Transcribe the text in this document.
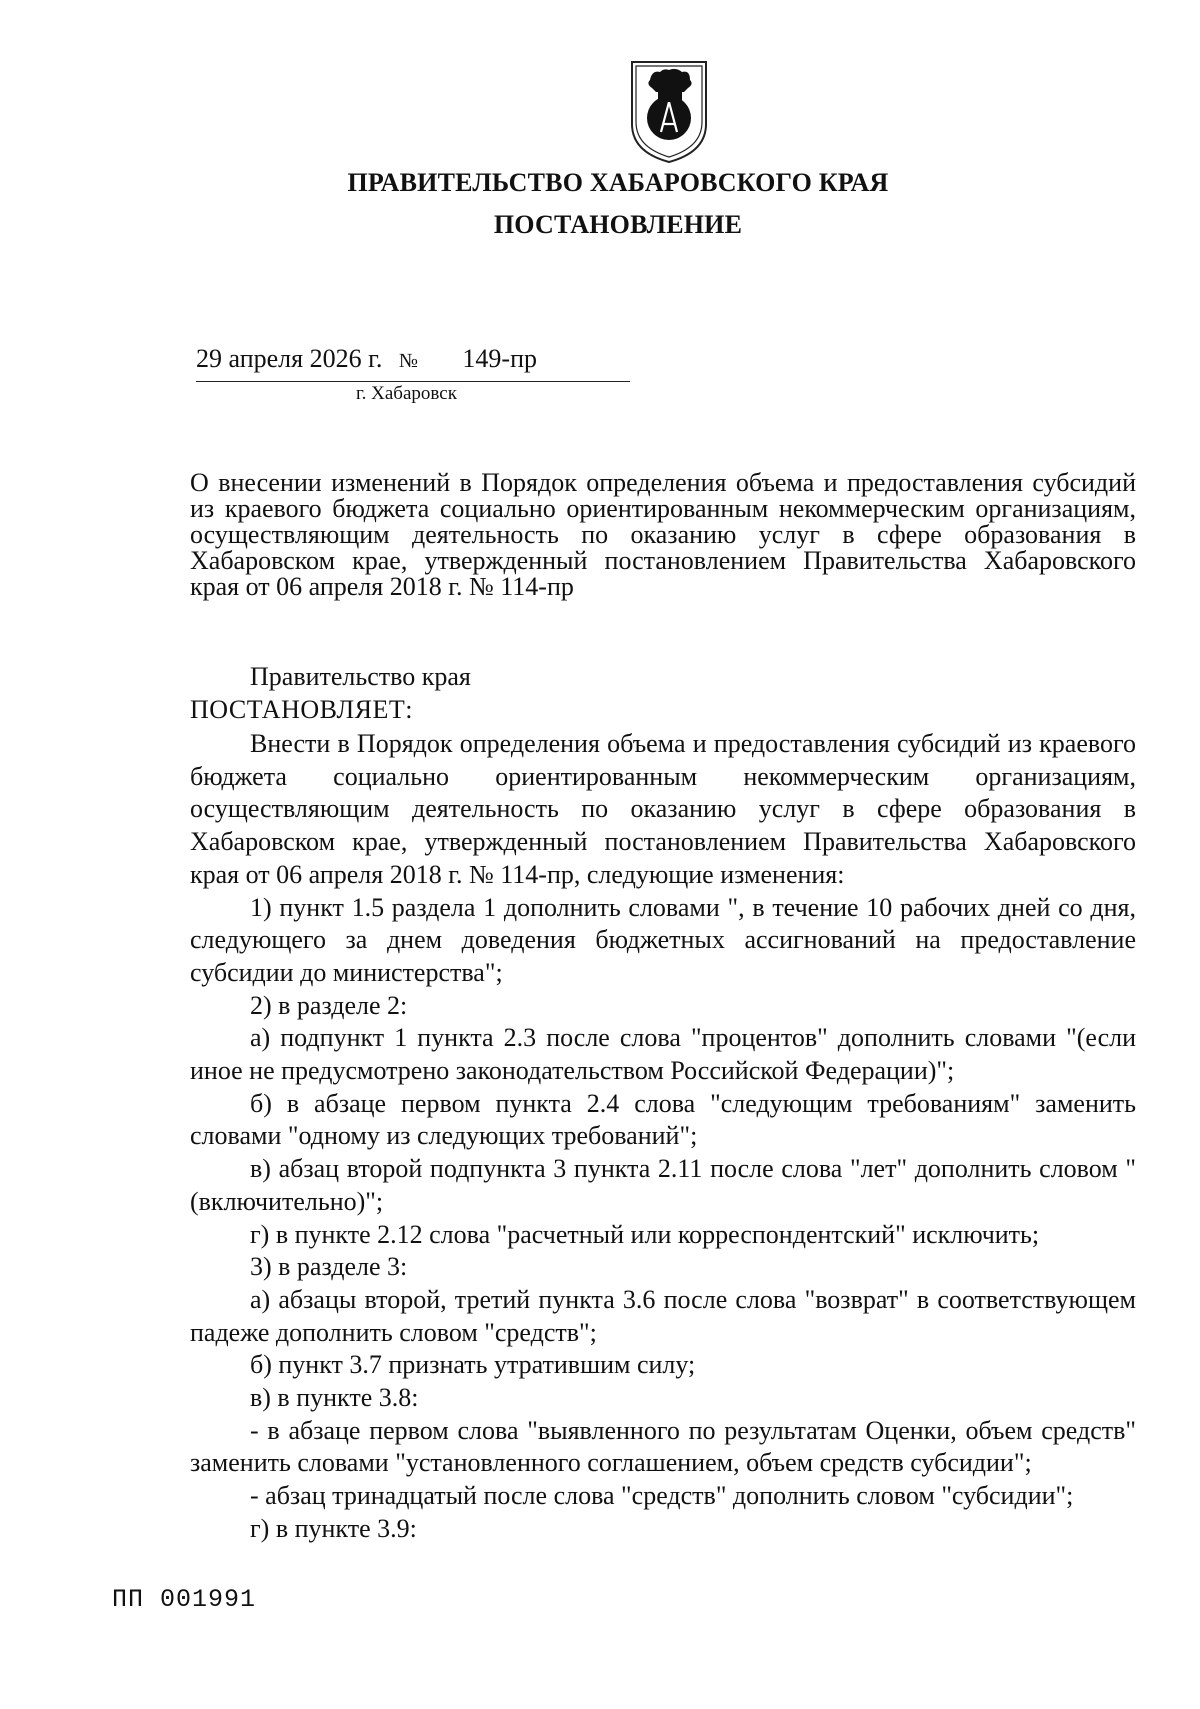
ПРАВИТЕЛЬСТВО ХАБАРОВСКОГО КРАЯ
ПОСТАНОВЛЕНИЕ
29 апреля 2026 г. № 149-пр
г. Хабаровск
О внесении изменений в Порядок определения объема и предоставления субсидий из краевого бюджета социально ориентированным некоммерческим организациям, осуществляющим деятельность по оказанию услуг в сфере образования в Хабаровском крае, утвержденный постановлением Правительства Хабаровского края от 06 апреля 2018 г. № 114-пр
Правительство края
ПОСТАНОВЛЯЕТ:

Внести в Порядок определения объема и предоставления субсидий из краевого бюджета социально ориентированным некоммерческим организациям, осуществляющим деятельность по оказанию услуг в сфере образования в Хабаровском крае, утвержденный постановлением Правительства Хабаровского края от 06 апреля 2018 г. № 114-пр, следующие изменения:

1) пункт 1.5 раздела 1 дополнить словами ", в течение 10 рабочих дней со дня, следующего за днем доведения бюджетных ассигнований на предоставление субсидии до министерства";

2) в разделе 2:

а) подпункт 1 пункта 2.3 после слова "процентов" дополнить словами "(если иное не предусмотрено законодательством Российской Федерации)";

б) в абзаце первом пункта 2.4 слова "следующим требованиям" заменить словами "одному из следующих требований";

в) абзац второй подпункта 3 пункта 2.11 после слова "лет" дополнить словом "(включительно)";

г) в пункте 2.12 слова "расчетный или корреспондентский" исключить;

3) в разделе 3:

а) абзацы второй, третий пункта 3.6 после слова "возврат" в соответствующем падеже дополнить словом "средств";

б) пункт 3.7 признать утратившим силу;

в) в пункте 3.8:

- в абзаце первом слова "выявленного по результатам Оценки, объем средств" заменить словами "установленного соглашением, объем средств субсидии";

- абзац тринадцатый после слова "средств" дополнить словом "субсидии";

г) в пункте 3.9:

ПП 001991
